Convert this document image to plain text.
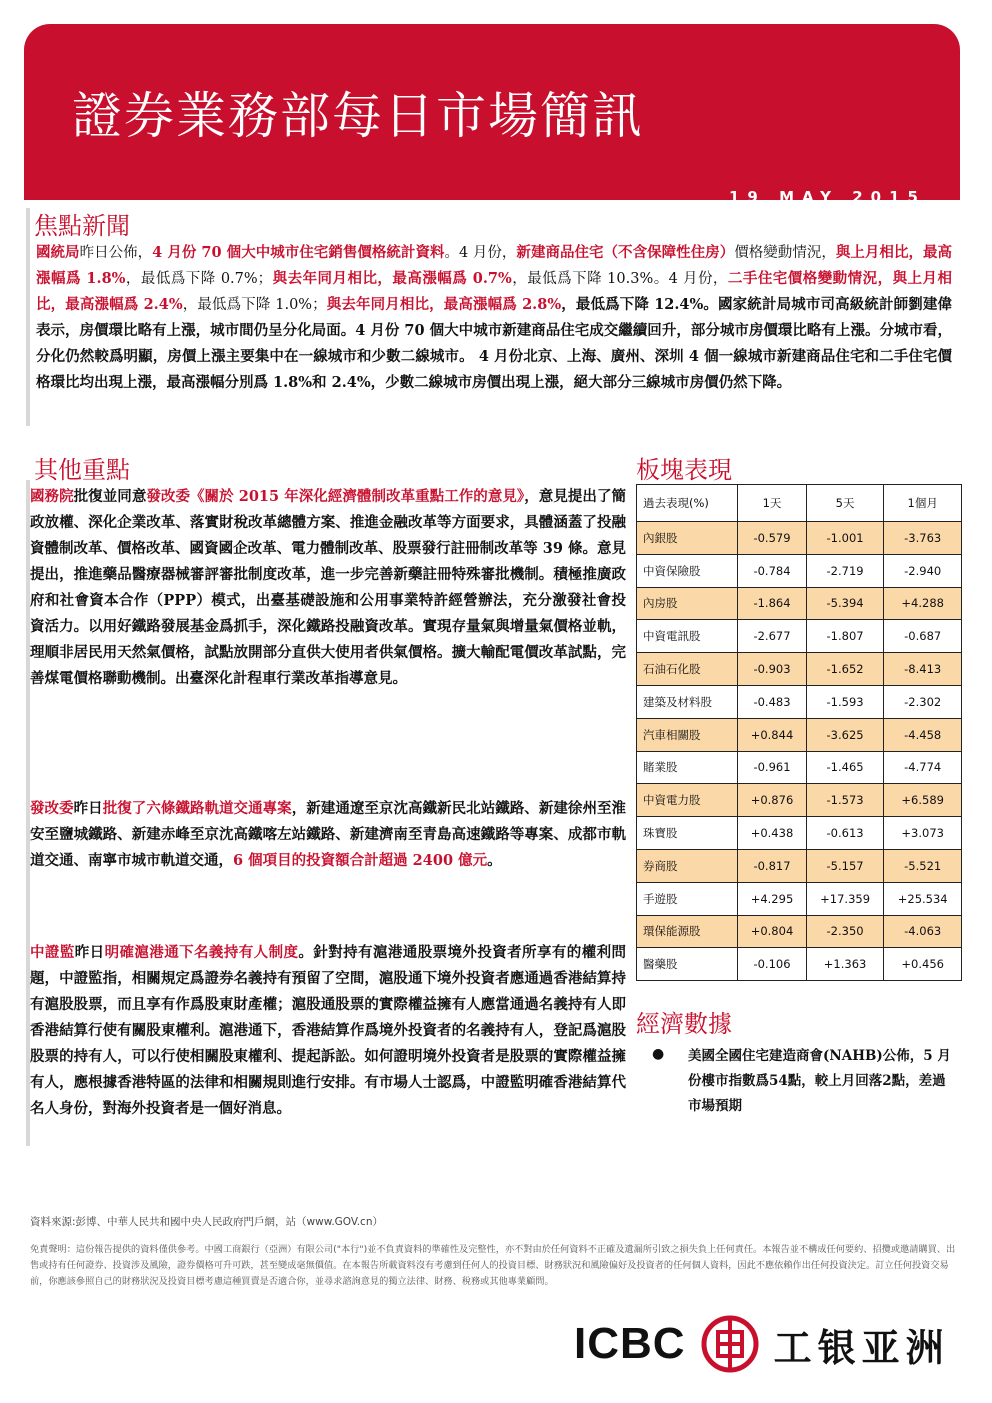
證券業務部每日市場簡訊
19 MAY 2015
焦點新聞
國統局昨日公佈，4 月份 70 個大中城市住宅銷售價格統計資料。4 月份，新建商品住宅（不含保障性住房）價格變動情況，與上月相比，最高漲幅爲 1.8%，最低爲下降 0.7%；與去年同月相比，最高漲幅爲 0.7%，最低爲下降 10.3%。4 月份，二手住宅價格變動情況，與上月相比，最高漲幅爲 2.4%，最低爲下降 1.0%；與去年同月相比，最高漲幅爲 2.8%，最低爲下降 12.4%。國家統計局城市司高級統計師劉建偉表示，房價環比略有上漲，城市間仍呈分化局面。4 月份 70 個大中城市新建商品住宅成交繼續回升，部分城市房價環比略有上漲。分城市看，分化仍然較爲明顯，房價上漲主要集中在一線城市和少數二線城市。 4 月份北京、上海、廣州、深圳 4 個一線城市新建商品住宅和二手住宅價格環比均出現上漲，最高漲幅分別爲 1.8%和 2.4%，少數二線城市房價出現上漲，絕大部分三線城市房價仍然下降。
其他重點
國務院批復並同意發改委《關於 2015 年深化經濟體制改革重點工作的意見》，意見提出了簡政放權、深化企業改革、落實財稅改革總體方案、推進金融改革等方面要求，具體涵蓋了投融資體制改革、價格改革、國資國企改革、電力體制改革、股票發行註冊制改革等 39 條。意見提出，推進藥品醫療器械審評審批制度改革，進一步完善新藥註冊特殊審批機制。積極推廣政府和社會資本合作（PPP）模式，出臺基礎設施和公用事業特許經營辦法，充分激發社會投資活力。以用好鐵路發展基金爲抓手，深化鐵路投融資改革。實現存量氣與增量氣價格並軌，理順非居民用天然氣價格，試點放開部分直供大使用者供氣價格。擴大輸配電價改革試點，完善煤電價格聯動機制。出臺深化計程車行業改革指導意見。
發改委昨日批復了六條鐵路軌道交通專案，新建通遼至京沈高鐵新民北站鐵路、新建徐州至淮安至鹽城鐵路、新建赤峰至京沈高鐵喀左站鐵路、新建濟南至青島高速鐵路等專案、成都市軌道交通、南寧市城市軌道交通，6 個項目的投資額合計超過 2400 億元。
中證監昨日明確滬港通下名義持有人制度。針對持有滬港通股票境外投資者所享有的權利問題，中證監指，相關規定爲證券名義持有預留了空間，滬股通下境外投資者應通過香港結算持有滬股股票，而且享有作爲股東財產權；滬股通股票的實際權益擁有人應當通過名義持有人即香港結算行使有關股東權利。滬港通下，香港結算作爲境外投資者的名義持有人，登記爲滬股股票的持有人，可以行使相關股東權利、提起訴訟。如何證明境外投資者是股票的實際權益擁有人，應根據香港特區的法律和相關規則進行安排。有市場人士認爲，中證監明確香港結算代名人身份，對海外投資者是一個好消息。
板塊表現
過去表現(%)	1天	5天	1個月
內銀股	-0.579	-1.001	-3.763
中資保險股	-0.784	-2.719	-2.940
內房股	-1.864	-5.394	+4.288
中資電訊股	-2.677	-1.807	-0.687
石油石化股	-0.903	-1.652	-8.413
建築及材料股	-0.483	-1.593	-2.302
汽車相關股	+0.844	-3.625	-4.458
賭業股	-0.961	-1.465	-4.774
中資電力股	+0.876	-1.573	+6.589
珠寶股	+0.438	-0.613	+3.073
券商股	-0.817	-5.157	-5.521
手遊股	+4.295	+17.359	+25.534
環保能源股	+0.804	-2.350	-4.063
醫藥股	-0.106	+1.363	+0.456
經濟數據
● 美國全國住宅建造商會(NAHB)公佈，5 月份樓市指數爲54點，較上月回落2點，差過市場預期
資料來源:彭博、中華人民共和國中央人民政府門戶網，站（www.GOV.cn）
免責聲明：這份報告提供的資料僅供參考。中國工商銀行（亞洲）有限公司("本行")並不負責資料的準確性及完整性，亦不對由於任何資料不正確及遺漏所引致之損失負上任何責任。本報告並不構成任何要約、招攬或邀請購買、出售或持有任何證券、投資涉及風險，證券價格可升可跌，甚至變成毫無價值。在本報告所載資料沒有考慮到任何人的投資目標、財務狀況和風險偏好及投資者的任何個人資料，因此不應依賴作出任何投資決定。訂立任何投資交易前，你應該參照自己的財務狀況及投資目標考慮這種買賣是否適合你，並尋求諮詢意見的獨立法律、財務、稅務或其他專業顧問。
ICBC 工银亚洲
